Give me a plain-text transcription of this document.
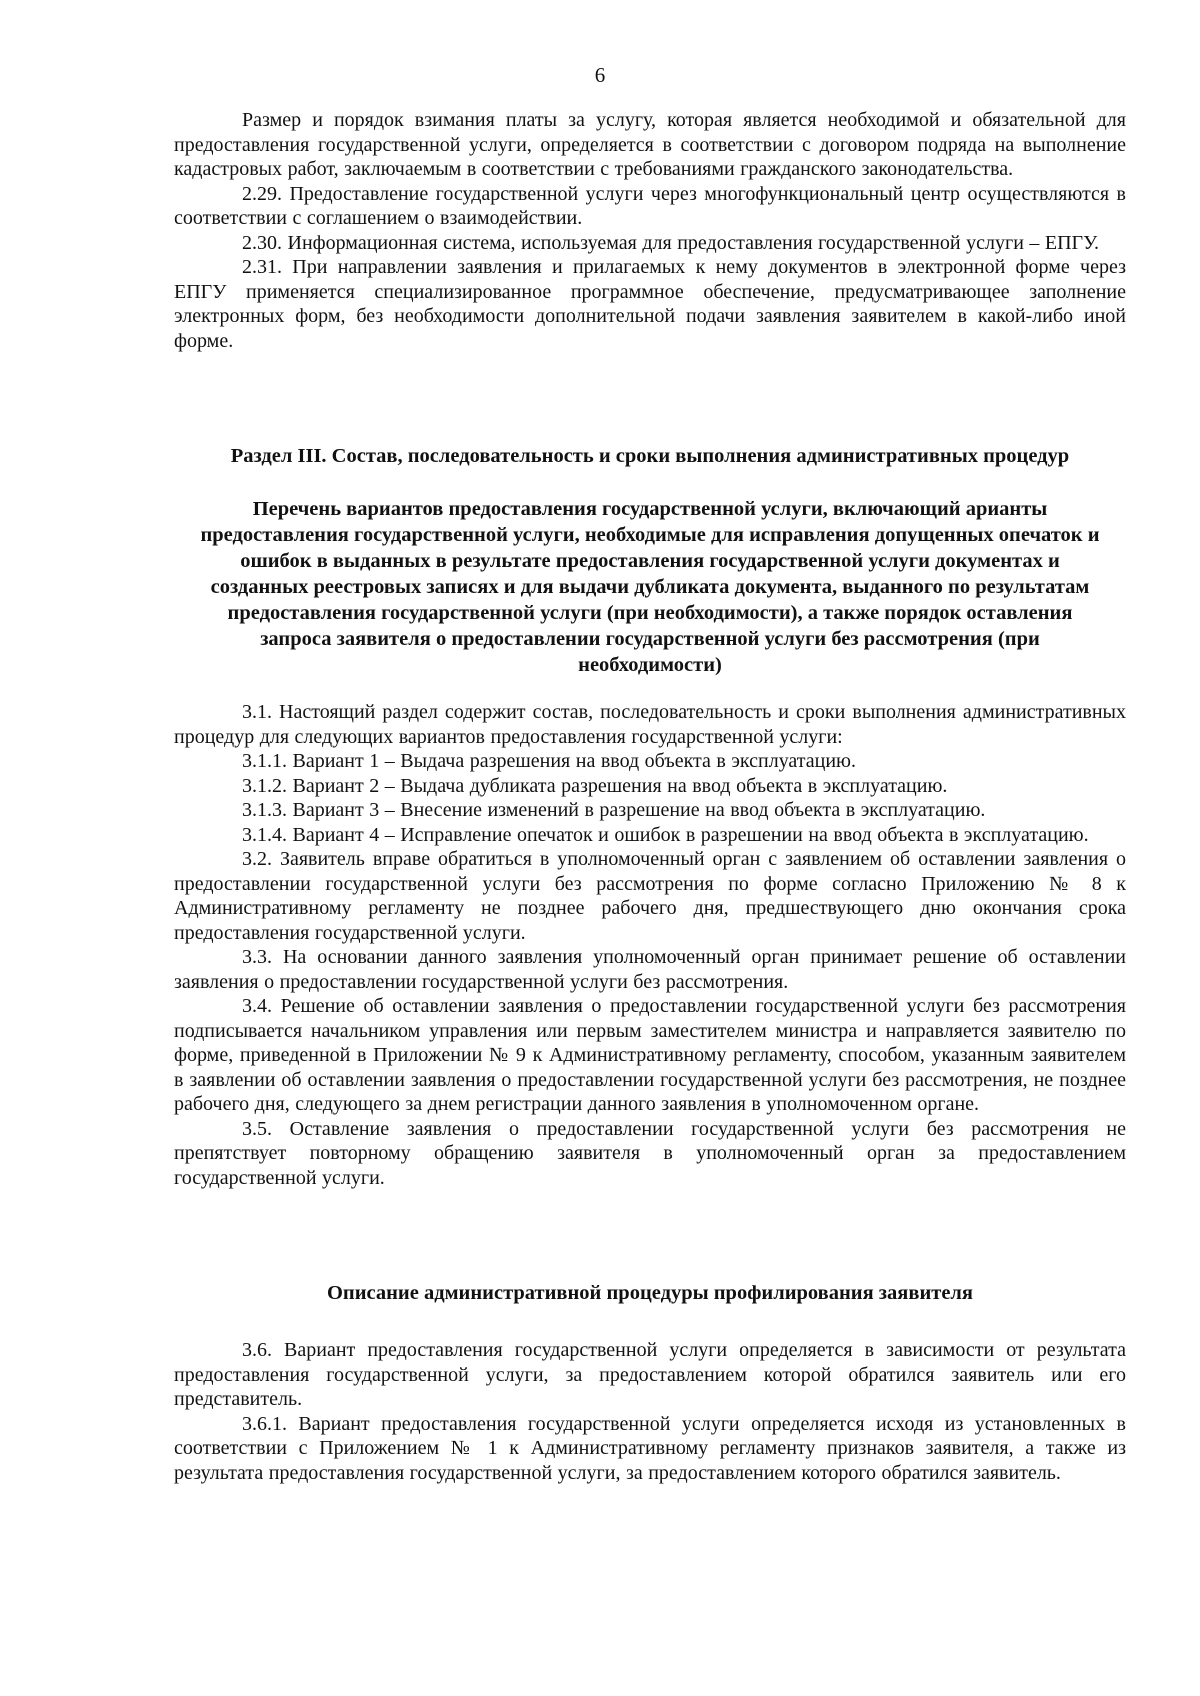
6

Размер и порядок взимания платы за услугу, которая является необходимой и обязательной для предоставления государственной услуги, определяется в соответствии с договором подряда на выполнение кадастровых работ, заключаемым в соответствии с требованиями гражданского законодательства.

2.29. Предоставление государственной услуги через многофункциональный центр осуществляются в соответствии с соглашением о взаимодействии.

2.30. Информационная система, используемая для предоставления государственной услуги – ЕПГУ.

2.31. При направлении заявления и прилагаемых к нему документов в электронной форме через ЕПГУ применяется специализированное программное обеспечение, предусматривающее заполнение электронных форм, без необходимости дополнительной подачи заявления заявителем в какой-либо иной форме.

Раздел III. Состав, последовательность и сроки выполнения административных процедур
Перечень вариантов предоставления государственной услуги, включающий арианты предоставления государственной услуги, необходимые для исправления допущенных опечаток и ошибок в выданных в результате предоставления государственной услуги документах и созданных реестровых записях и для выдачи дубликата документа, выданного по результатам предоставления государственной услуги (при необходимости), а также порядок оставления запроса заявителя о предоставлении государственной услуги без рассмотрения (при необходимости)

3.1. Настоящий раздел содержит состав, последовательность и сроки выполнения административных процедур для следующих вариантов предоставления государственной услуги:

3.1.1. Вариант 1 – Выдача разрешения на ввод объекта в эксплуатацию.

3.1.2. Вариант 2 – Выдача дубликата разрешения на ввод объекта в эксплуатацию.

3.1.3. Вариант 3 – Внесение изменений в разрешение на ввод объекта в эксплуатацию.

3.1.4. Вариант 4 – Исправление опечаток и ошибок в разрешении на ввод объекта в эксплуатацию.

3.2. Заявитель вправе обратиться в уполномоченный орган с заявлением об оставлении заявления о предоставлении государственной услуги без рассмотрения по форме согласно Приложению № 8 к Административному регламенту не позднее рабочего дня, предшествующего дню окончания срока предоставления государственной услуги.

3.3. На основании данного заявления уполномоченный орган принимает решение об оставлении заявления о предоставлении государственной услуги без рассмотрения.

3.4. Решение об оставлении заявления о предоставлении государственной услуги без рассмотрения подписывается начальником управления или первым заместителем министра и направляется заявителю по форме, приведенной в Приложении № 9 к Административному регламенту, способом, указанным заявителем в заявлении об оставлении заявления о предоставлении государственной услуги без рассмотрения, не позднее рабочего дня, следующего за днем регистрации данного заявления в уполномоченном органе.

3.5. Оставление заявления о предоставлении государственной услуги без рассмотрения не препятствует повторному обращению заявителя в уполномоченный орган за предоставлением государственной услуги.

Описание административной процедуры профилирования заявителя

3.6. Вариант предоставления государственной услуги определяется в зависимости от результата предоставления государственной услуги, за предоставлением которой обратился заявитель или его представитель.

3.6.1. Вариант предоставления государственной услуги определяется исходя из установленных в соответствии с Приложением № 1 к Административному регламенту признаков заявителя, а также из результата предоставления государственной услуги, за предоставлением которого обратился заявитель.
